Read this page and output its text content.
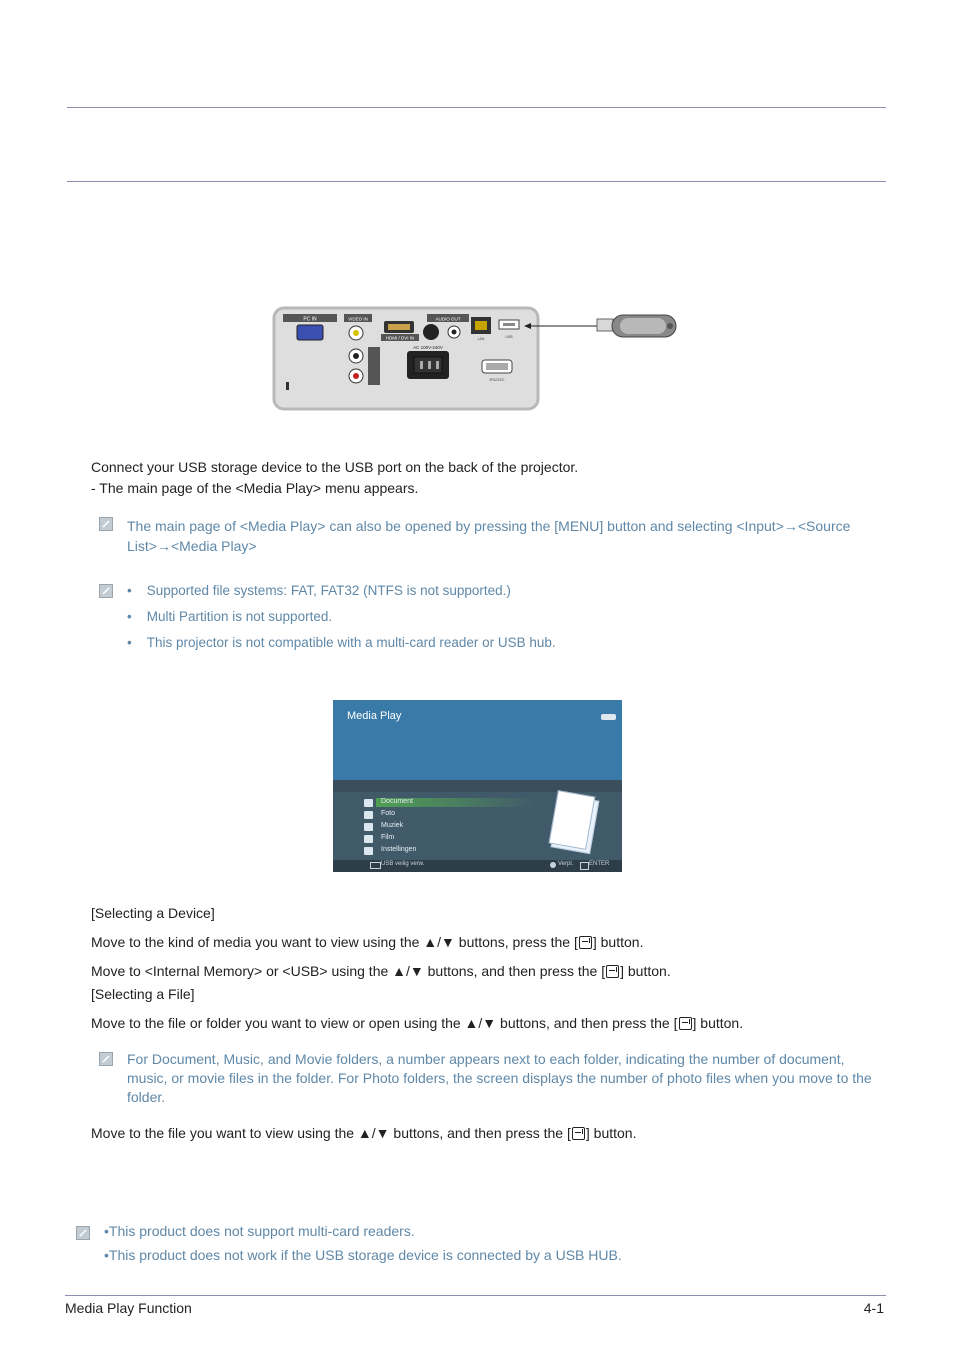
PC IN	VIDEO IN
HDMI / DVI IN
AUDIO OUT
LAN	USB
AC 100V-240V
RS232C
Connect your USB storage device to the USB port on the back of the projector.
- The main page of the <Media Play> menu appears.
The main page of <Media Play> can also be opened by pressing the [MENU] button and selecting <Input>→<Source
List>→<Media Play>
• Supported file systems: FAT, FAT32 (NTFS is not supported.)
• Multi Partition is not supported.
• This projector is not compatible with a multi-card reader or USB hub.
Media Play
Document
Foto
Muziek
Film
Instellingen
USB veilig verw.	Verpl.	ENTER
[Selecting a Device]
Move to the kind of media you want to view using the ▲/▼ buttons, press the [ ] button.
Move to <Internal Memory> or <USB> using the ▲/▼ buttons, and then press the [ ] button.
[Selecting a File]
Move to the file or folder you want to view or open using the ▲/▼ buttons, and then press the [ ] button.
For Document, Music, and Movie folders, a number appears next to each folder, indicating the number of document,
music, or movie files in the folder. For Photo folders, the screen displays the number of photo files when you move to the
folder.
Move to the file you want to view using the ▲/▼ buttons, and then press the [ ] button.
•This product does not support multi-card readers.
•This product does not work if the USB storage device is connected by a USB HUB.
Media Play Function	4-1
